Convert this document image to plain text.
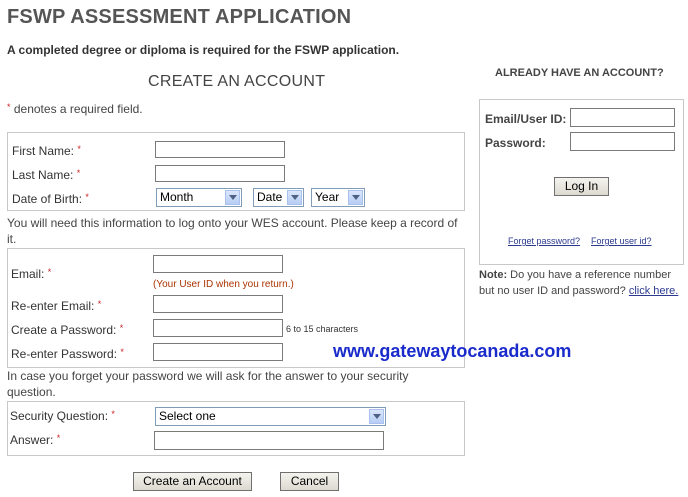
FSWP ASSESSMENT APPLICATION
A completed degree or diploma is required for the FSWP application.
CREATE AN ACCOUNT
* denotes a required field.
First Name: *
Last Name: *
Date of Birth: *	Month	Date	Year
You will need this information to log onto your WES account. Please keep a record of it.
Email: *
(Your User ID when you return.)
Re-enter Email: *
Create a Password: *	6 to 15 characters
Re-enter Password: *	www.gatewaytocanada.com
In case you forget your password we will ask for the answer to your security question.
Security Question: *	Select one
Answer: *
Create an Account	Cancel
ALREADY HAVE AN ACCOUNT?
Email/User ID:
Password:
Log In
Forget password? Forget user id?
Note: Do you have a reference number but no user ID and password? click here.
